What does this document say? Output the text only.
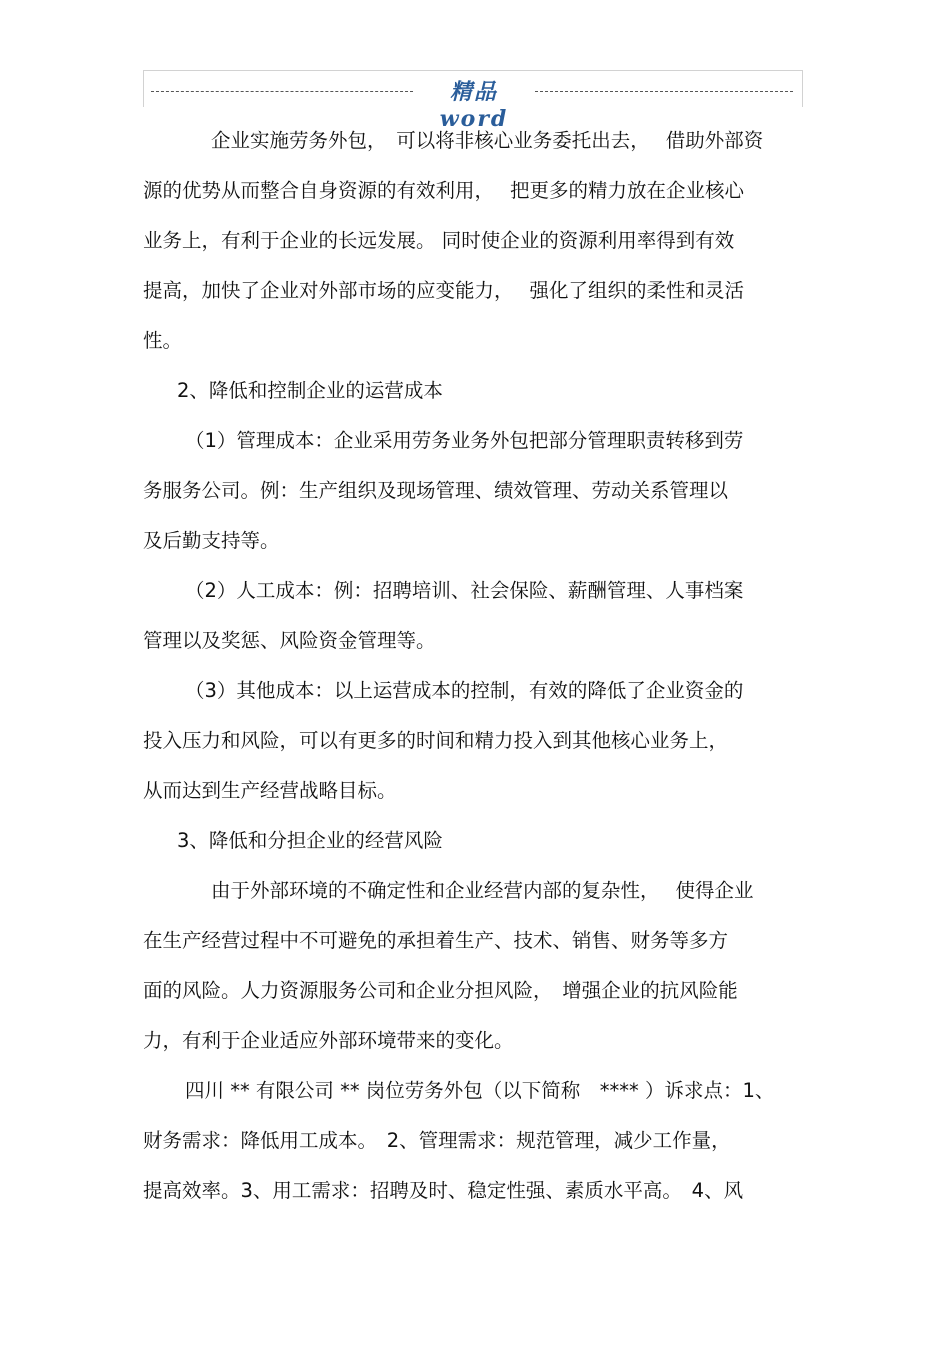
精品 word

企业实施劳务外包，　可以将非核心业务委托出去，　 借助外部资

源的优势从而整合自身资源的有效利用，　 把更多的精力放在企业核心

业务上，有利于企业的长远发展。 同时使企业的资源利用率得到有效

提高，加快了企业对外部市场的应变能力，　 强化了组织的柔性和灵活

性。

2、降低和控制企业的运营成本

（1）管理成本：企业采用劳务业务外包把部分管理职责转移到劳

务服务公司。例：生产组织及现场管理、绩效管理、劳动关系管理以

及后勤支持等。

（2）人工成本：例：招聘培训、社会保险、薪酬管理、人事档案

管理以及奖惩、风险资金管理等。

（3）其他成本：以上运营成本的控制，有效的降低了企业资金的

投入压力和风险，可以有更多的时间和精力投入到其他核心业务上，

从而达到生产经营战略目标。

3、降低和分担企业的经营风险

由于外部环境的不确定性和企业经营内部的复杂性，　 使得企业

在生产经营过程中不可避免的承担着生产、技术、销售、财务等多方

面的风险。人力资源服务公司和企业分担风险，　增强企业的抗风险能

力，有利于企业适应外部环境带来的变化。

四川 ** 有限公司 ** 岗位劳务外包（以下简称　**** ）诉求点：1、

财务需求：降低用工成本。　2、管理需求：规范管理，减少工作量，

提高效率。3、用工需求：招聘及时、稳定性强、素质水平高。　4、风
